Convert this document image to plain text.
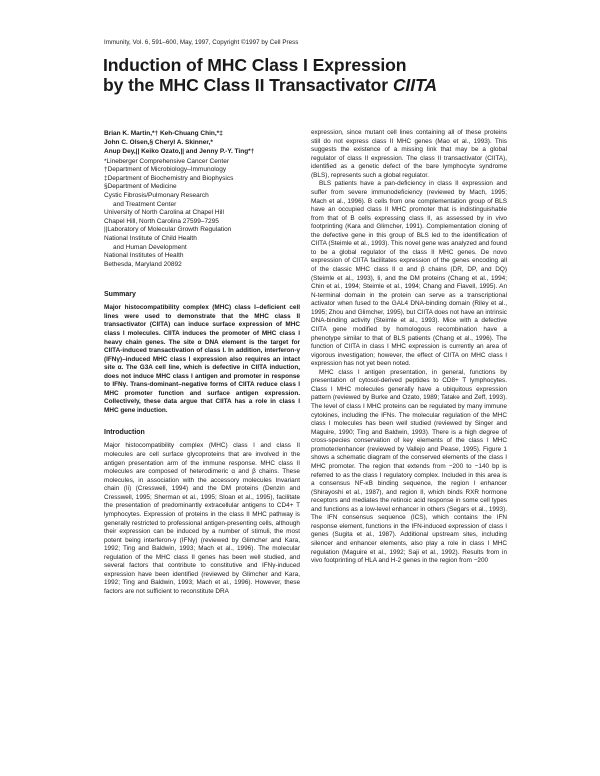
Immunity, Vol. 6, 591–600, May, 1997, Copyright ©1997 by Cell Press
Induction of MHC Class I Expression
by the MHC Class II Transactivator CIITA
Brian K. Martin,*† Keh-Chuang Chin,*‡
John C. Olsen,§ Cheryl A. Skinner,*
Anup Dey,|| Keiko Ozato,|| and Jenny P.-Y. Ting*†
*Lineberger Comprehensive Cancer Center
†Department of Microbiology–Immunology
‡Department of Biochemistry and Biophysics
§Department of Medicine
Cystic Fibrosis/Pulmonary Research
and Treatment Center
University of North Carolina at Chapel Hill
Chapel Hill, North Carolina 27599–7295
||Laboratory of Molecular Growth Regulation
National Institute of Child Health
and Human Development
National Institutes of Health
Bethesda, Maryland 20892
Summary

Major histocompatibility complex (MHC) class I–deficient cell lines were used to demonstrate that the MHC class II transactivator (CIITA) can induce surface expression of MHC class I molecules. CIITA induces the promoter of MHC class I heavy chain genes. The site α DNA element is the target for CIITA-induced transactivation of class I. In addition, interferon-γ (IFNγ)–induced MHC class I expression also requires an intact site α. The G3A cell line, which is defective in CIITA induction, does not induce MHC class I antigen and promoter in response to IFNγ. Trans-dominant–negative forms of CIITA reduce class I MHC promoter function and surface antigen expression. Collectively, these data argue that CIITA has a role in class I MHC gene induction.

Introduction

Major histocompatibility complex (MHC) class I and class II molecules are cell surface glycoproteins that are involved in the antigen presentation arm of the immune response. MHC class II molecules are composed of heterodimeric α and β chains. These molecules, in association with the accessory molecules Invariant chain (Ii) (Cresswell, 1994) and the DM proteins (Denzin and Cresswell, 1995; Sherman et al., 1995; Sloan et al., 1995), facilitate the presentation of predominantly extracellular antigens to CD4+ T lymphocytes. Expression of proteins in the class II MHC pathway is generally restricted to professional antigen-presenting cells, although their expression can be induced by a number of stimuli, the most potent being interferon-γ (IFNγ) (reviewed by Glimcher and Kara, 1992; Ting and Baldwin, 1993; Mach et al., 1996). The molecular regulation of the MHC class II genes has been well studied, and several factors that contribute to constitutive and IFNγ-induced expression have been identified (reviewed by Glimcher and Kara, 1992; Ting and Baldwin, 1993; Mach et al., 1996). However, these factors are not sufficient to reconstitute DRA

expression, since mutant cell lines containing all of these proteins still do not express class II MHC genes (Mao et al., 1993). This suggests the existence of a missing link that may be a global regulator of class II expression. The class II transactivator (CIITA), identified as a genetic defect of the bare lymphocyte syndrome (BLS), represents such a global regulator.

BLS patients have a pan-deficiency in class II expression and suffer from severe immunodeficiency (reviewed by Mach, 1995; Mach et al., 1996). B cells from one complementation group of BLS have an occupied class II MHC promoter that is indistinguishable from that of B cells expressing class II, as assessed by in vivo footprinting (Kara and Glimcher, 1991). Complementation cloning of the defective gene in this group of BLS led to the identification of CIITA (Steimle et al., 1993). This novel gene was analyzed and found to be a global regulator of the class II MHC genes. De novo expression of CIITA facilitates expression of the genes encoding all of the classic MHC class II α and β chains (DR, DP, and DQ) (Steimle et al., 1993), Ii, and the DM proteins (Chang et al., 1994; Chin et al., 1994; Steimle et al., 1994; Chang and Flavell, 1995). An N-terminal domain in the protein can serve as a transcriptional activator when fused to the GAL4 DNA-binding domain (Riley et al., 1995; Zhou and Glimcher, 1995), but CIITA does not have an intrinsic DNA-binding activity (Steimle et al., 1993). Mice with a defective CIITA gene modified by homologous recombination have a phenotype similar to that of BLS patients (Chang et al., 1996). The function of CIITA in class I MHC expression is currently an area of vigorous investigation; however, the effect of CIITA on MHC class I expression has not yet been noted.

MHC class I antigen presentation, in general, functions by presentation of cytosol-derived peptides to CD8+ T lymphocytes. Class I MHC molecules generally have a ubiquitous expression pattern (reviewed by Burke and Ozato, 1989; Tatake and Zeff, 1993). The level of class I MHC proteins can be regulated by many immune cytokines, including the IFNs. The molecular regulation of the MHC class I molecules has been well studied (reviewed by Singer and Maguire, 1990; Ting and Baldwin, 1993). There is a high degree of cross-species conservation of key elements of the class I MHC promoter/enhancer (reviewed by Vallejo and Pease, 1995). Figure 1 shows a schematic diagram of the conserved elements of the class I MHC promoter. The region that extends from −200 to −140 bp is referred to as the class I regulatory complex. Included in this area is a consensus NF-κB binding sequence, the region I enhancer (Shirayoshi et al., 1987), and region II, which binds RXR hormone receptors and mediates the retinoic acid response in some cell types and functions as a low-level enhancer in others (Segars et al., 1993). The IFN consensus sequence (ICS), which contains the IFN response element, functions in the IFN-induced expression of class I genes (Sugita et al., 1987). Additional upstream sites, including silencer and enhancer elements, also play a role in class I MHC regulation (Maguire et al., 1992; Saji et al., 1992). Results from in vivo footprinting of HLA and H-2 genes in the region from −200
